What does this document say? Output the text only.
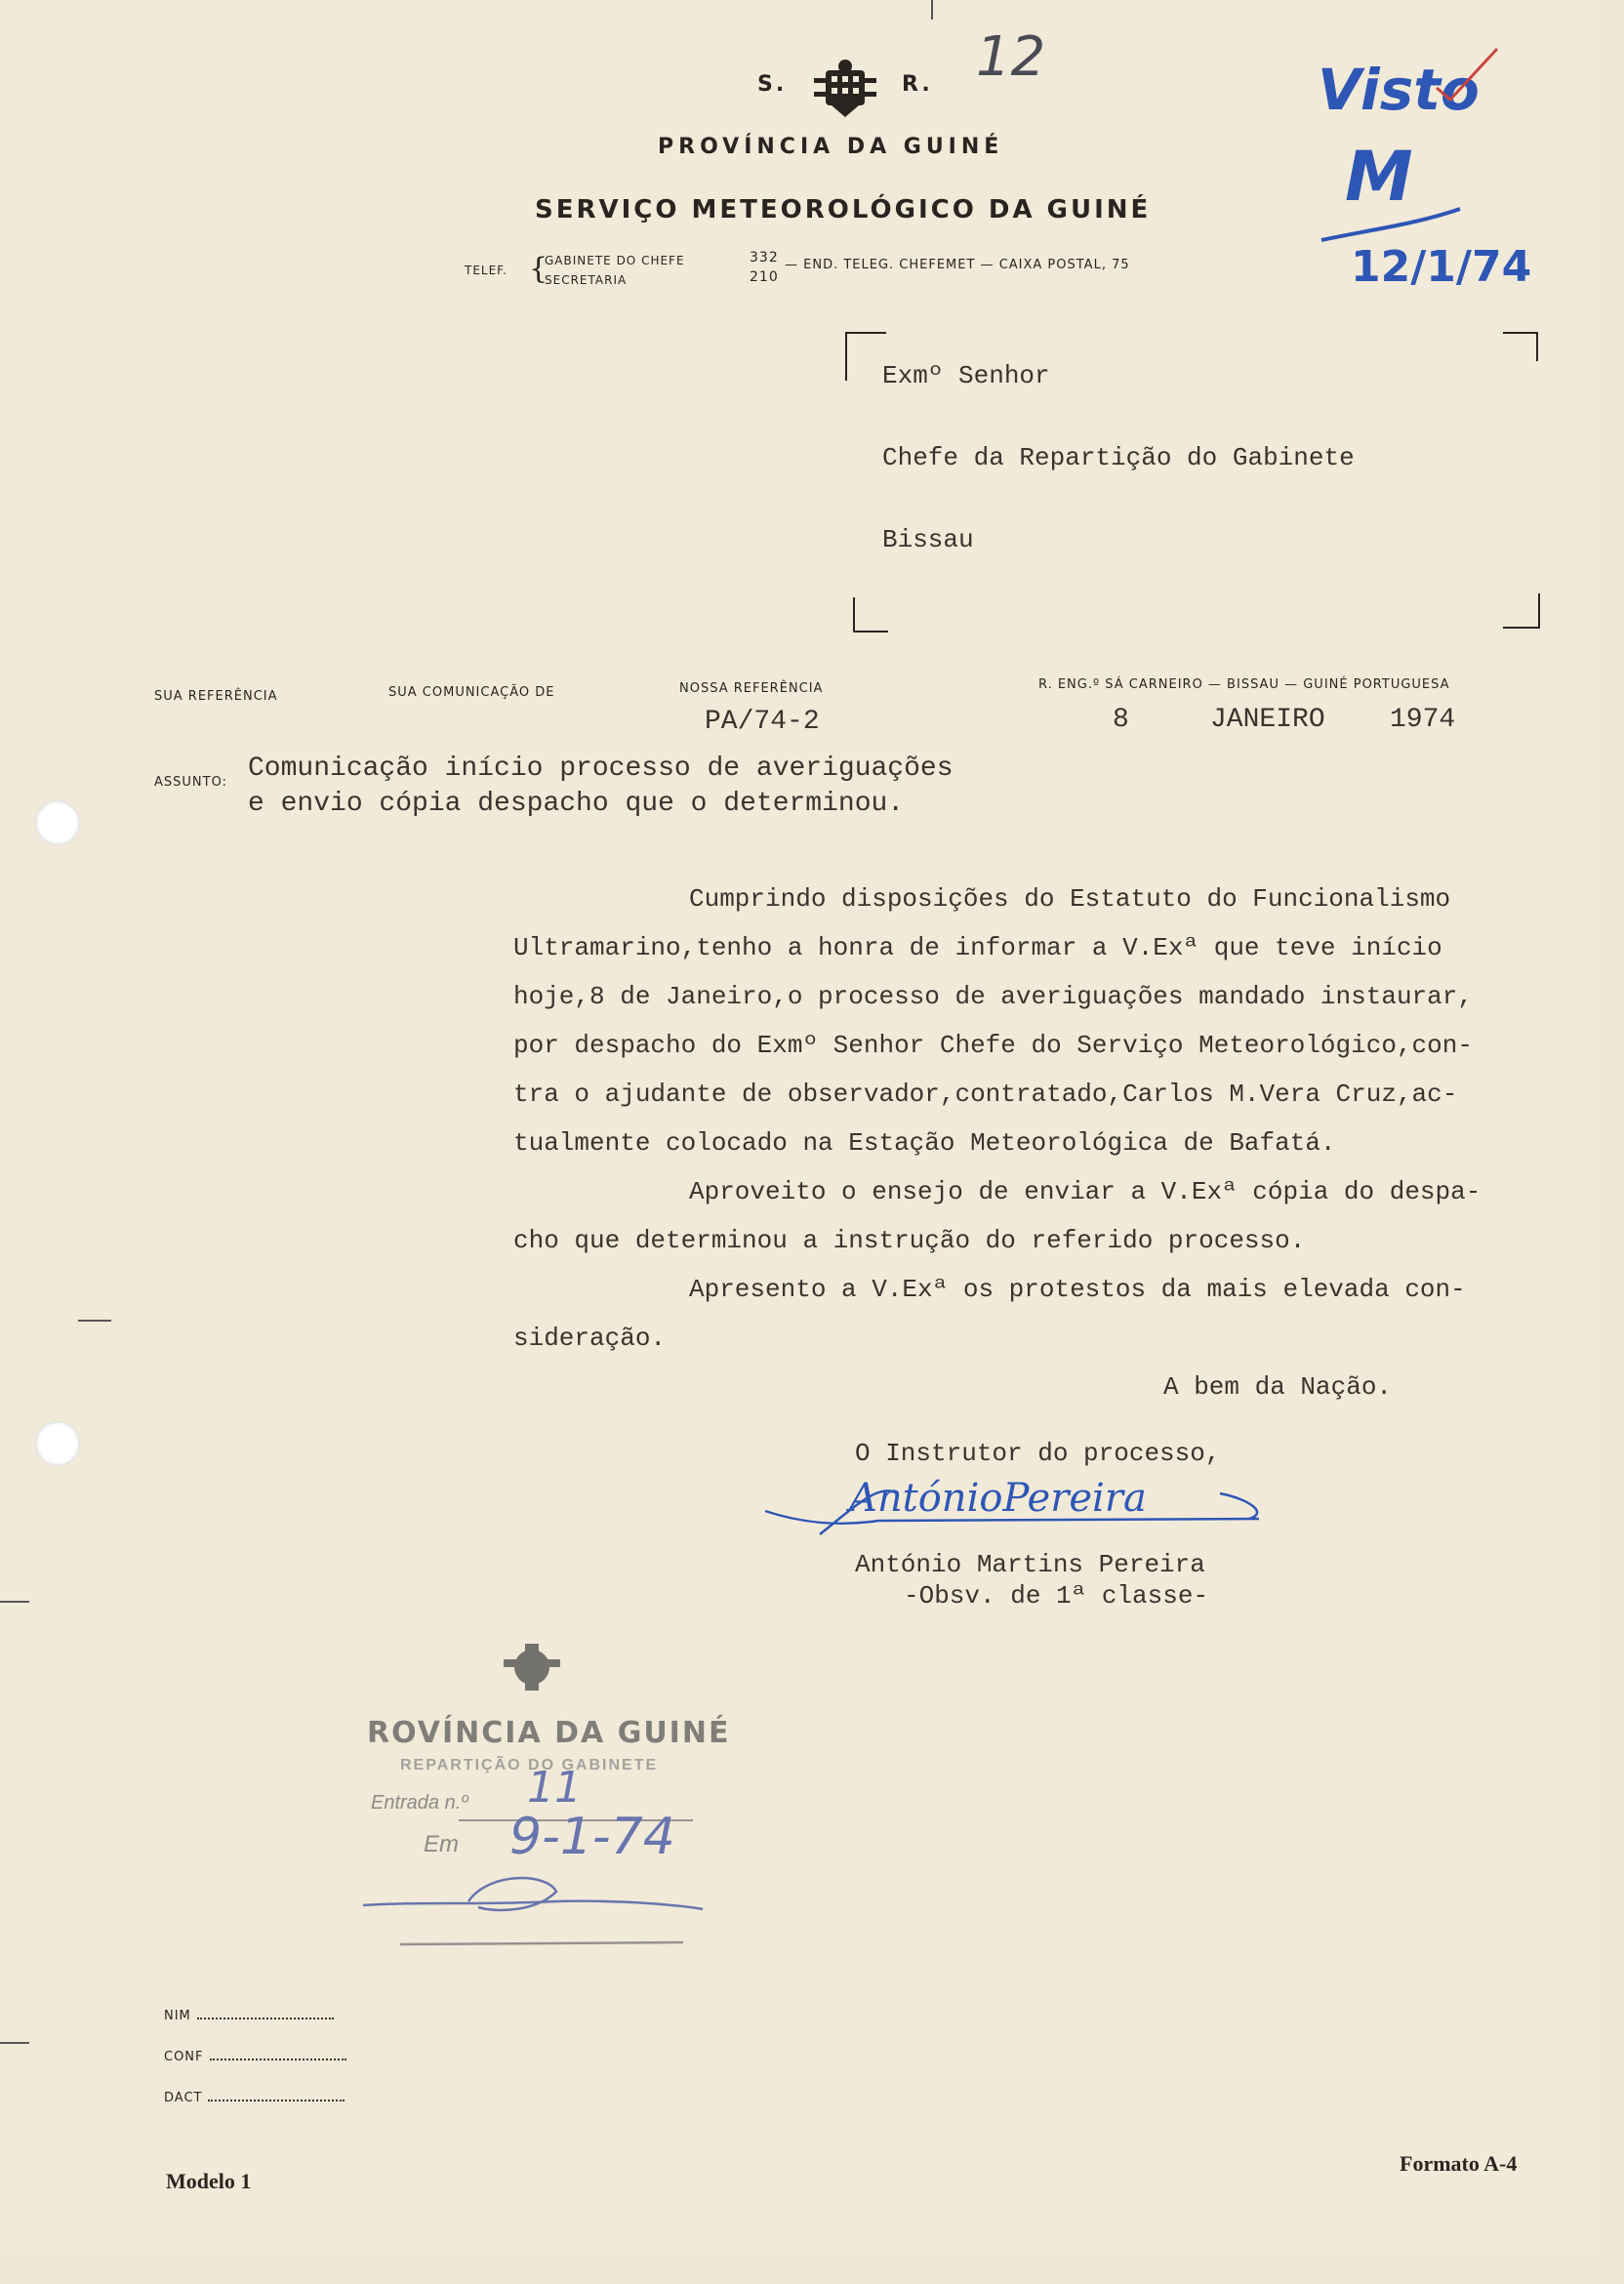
S.	R.
PROVÍNCIA DA GUINÉ
SERVIÇO METEOROLÓGICO DA GUINÉ
TELEF. {
GABINETE DO CHEFE
SECRETARIA
332
210
— END. TELEG. CHEFEMET — CAIXA POSTAL, 75
12	Visto
M
12/1/74
Exmº Senhor
Chefe da Repartição do Gabinete
Bissau
SUA REFERÊNCIA	SUA COMUNICAÇÃO DE	NOSSA REFERÊNCIA
PA/74-2
R. ENG.º SÁ CARNEIRO — BISSAU — GUINÉ PORTUGUESA
8	JANEIRO 1974
ASSUNTO: Comunicação início processo de averiguações
e envio cópia despacho que o determinou.
Cumprindo disposições do Estatuto do Funcionalismo
Ultramarino,tenho a honra de informar a V.Exª que teve início
hoje,8 de Janeiro,o processo de averiguações mandado instaurar,
por despacho do Exmº Senhor Chefe do Serviço Meteorológico,con-
tra o ajudante de observador,contratado,Carlos M.Vera Cruz,ac-
tualmente colocado na Estação Meteorológica de Bafatá.
Aproveito o ensejo de enviar a V.Exª cópia do despa-
cho que determinou a instrução do referido processo.
Apresento a V.Exª os protestos da mais elevada con-
sideração.
A bem da Nação.
O Instrutor do processo,
AntónioPereira
António Martins Pereira
-Obsv. de 1ª classe-
ROVÍNCIA DA GUINÉ
REPARTIÇÃO DO GABINETE
Entrada n.º 11
Em 9-1-74
NIM
CONF
DACT
Modelo 1
Formato A-4
